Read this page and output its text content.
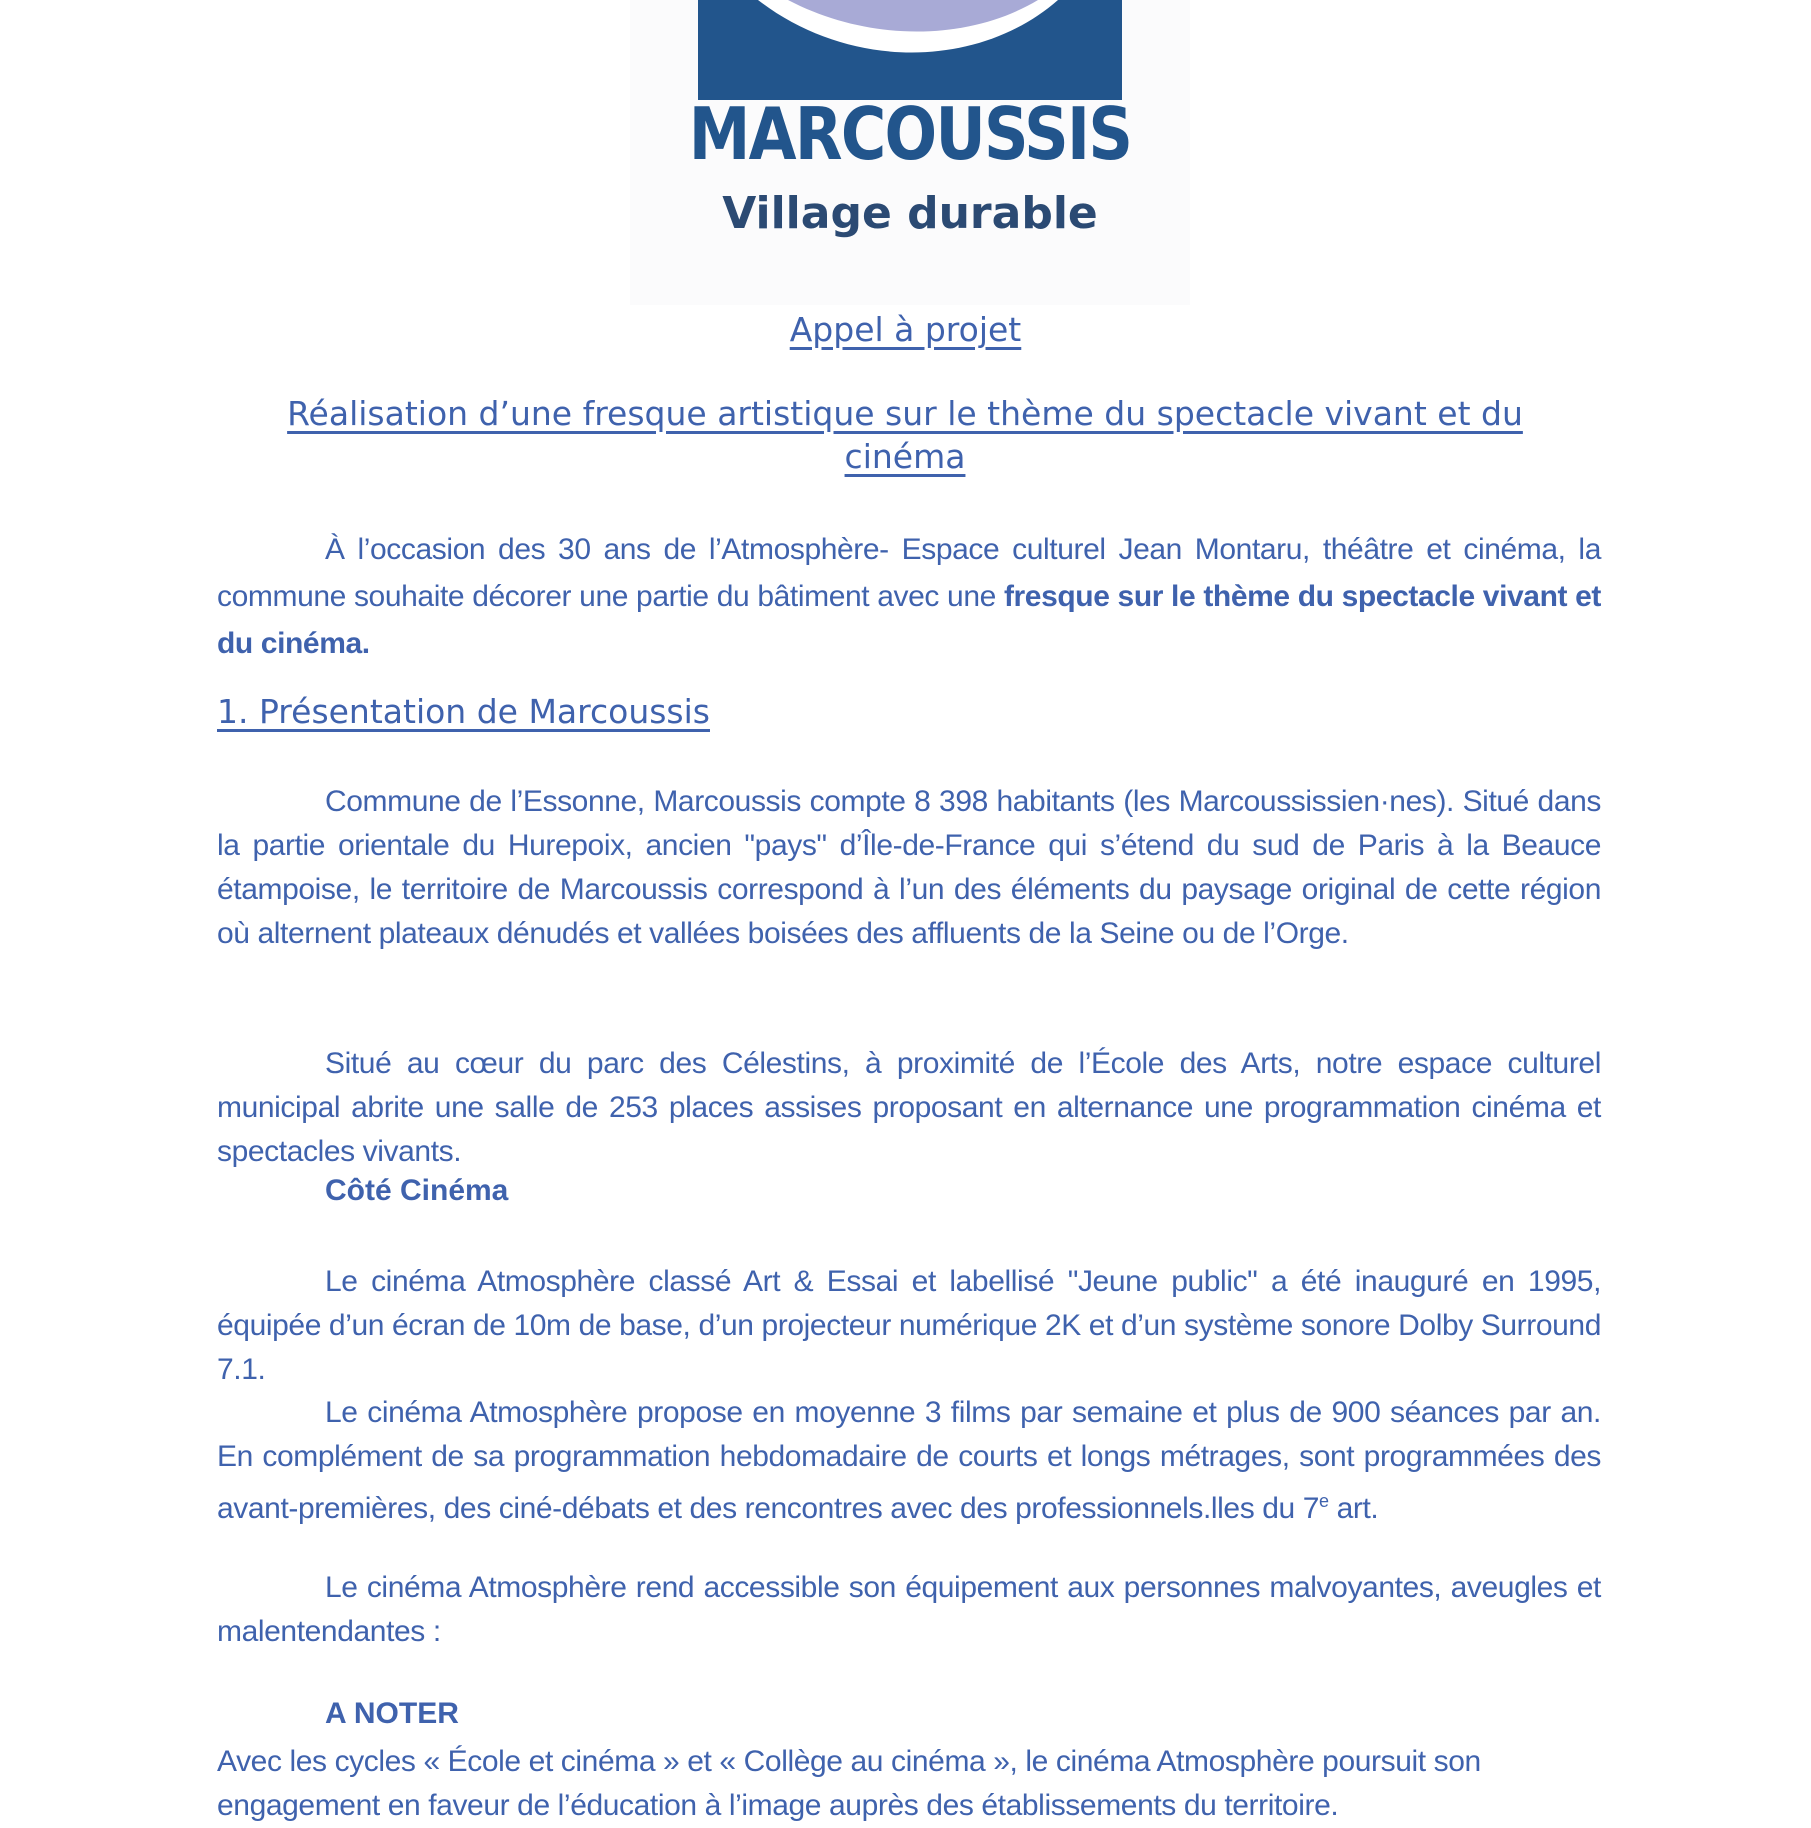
MARCOUSSIS
Village durable
Appel à projet
Réalisation d’une fresque artistique sur le thème du spectacle vivant et du cinéma
À l’occasion des 30 ans de l’Atmosphère- Espace culturel Jean Montaru, théâtre et cinéma, la commune souhaite décorer une partie du bâtiment avec une fresque sur le thème du spectacle vivant et du cinéma.
1. Présentation de Marcoussis
Commune de l’Essonne, Marcoussis compte 8 398 habitants (les Marcoussissien·nes). Situé dans la partie orientale du Hurepoix, ancien "pays" d’Île-de-France qui s’étend du sud de Paris à la Beauce étampoise, le territoire de Marcoussis correspond à l’un des éléments du paysage original de cette région où alternent plateaux dénudés et vallées boisées des affluents de la Seine ou de l’Orge.
Situé au cœur du parc des Célestins, à proximité de l’École des Arts, notre espace culturel municipal abrite une salle de 253 places assises proposant en alternance une programmation cinéma et spectacles vivants.
Côté Cinéma
Le cinéma Atmosphère classé Art & Essai et labellisé "Jeune public" a été inauguré en 1995, équipée d’un écran de 10m de base, d’un projecteur numérique 2K et d’un système sonore Dolby Surround 7.1.
Le cinéma Atmosphère propose en moyenne 3 films par semaine et plus de 900 séances par an. En complément de sa programmation hebdomadaire de courts et longs métrages, sont programmées des avant-premières, des ciné-débats et des rencontres avec des professionnels.lles du 7e art.
Le cinéma Atmosphère rend accessible son équipement aux personnes malvoyantes, aveugles et malentendantes :
A NOTER
Avec les cycles « École et cinéma » et « Collège au cinéma », le cinéma Atmosphère poursuit son engagement en faveur de l’éducation à l’image auprès des établissements du territoire.
